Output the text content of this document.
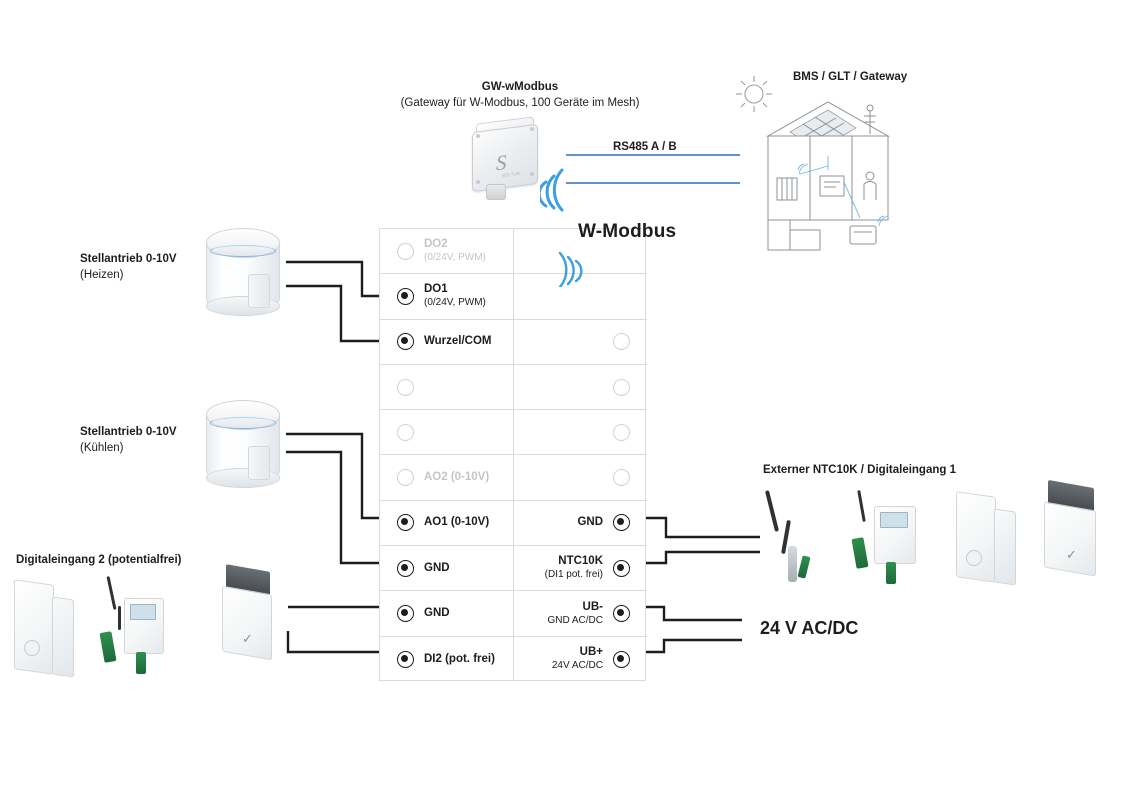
DO2
(0/24V, PWM)
DO1
(0/24V, PWM)
Wurzel/COM
AO2 (0-10V)
AO1 (0-10V)	GND
GND
NTC10K
(DI1 pot. frei)
GND
UB-
GND AC/DC
DI2 (pot. frei)
UB+
24V AC/DC
GW-wModbus
(Gateway für W-Modbus, 100 Geräte im Mesh)
RS485 A / B
W-Modbus
BMS / GLT / Gateway
S
WS-TUR
Stellantrieb 0-10V
(Heizen)
Stellantrieb 0-10V
(Kühlen)
Digitaleingang 2 (potentialfrei)
Externer NTC10K / Digitaleingang 1
24 V AC/DC
✓
✓
